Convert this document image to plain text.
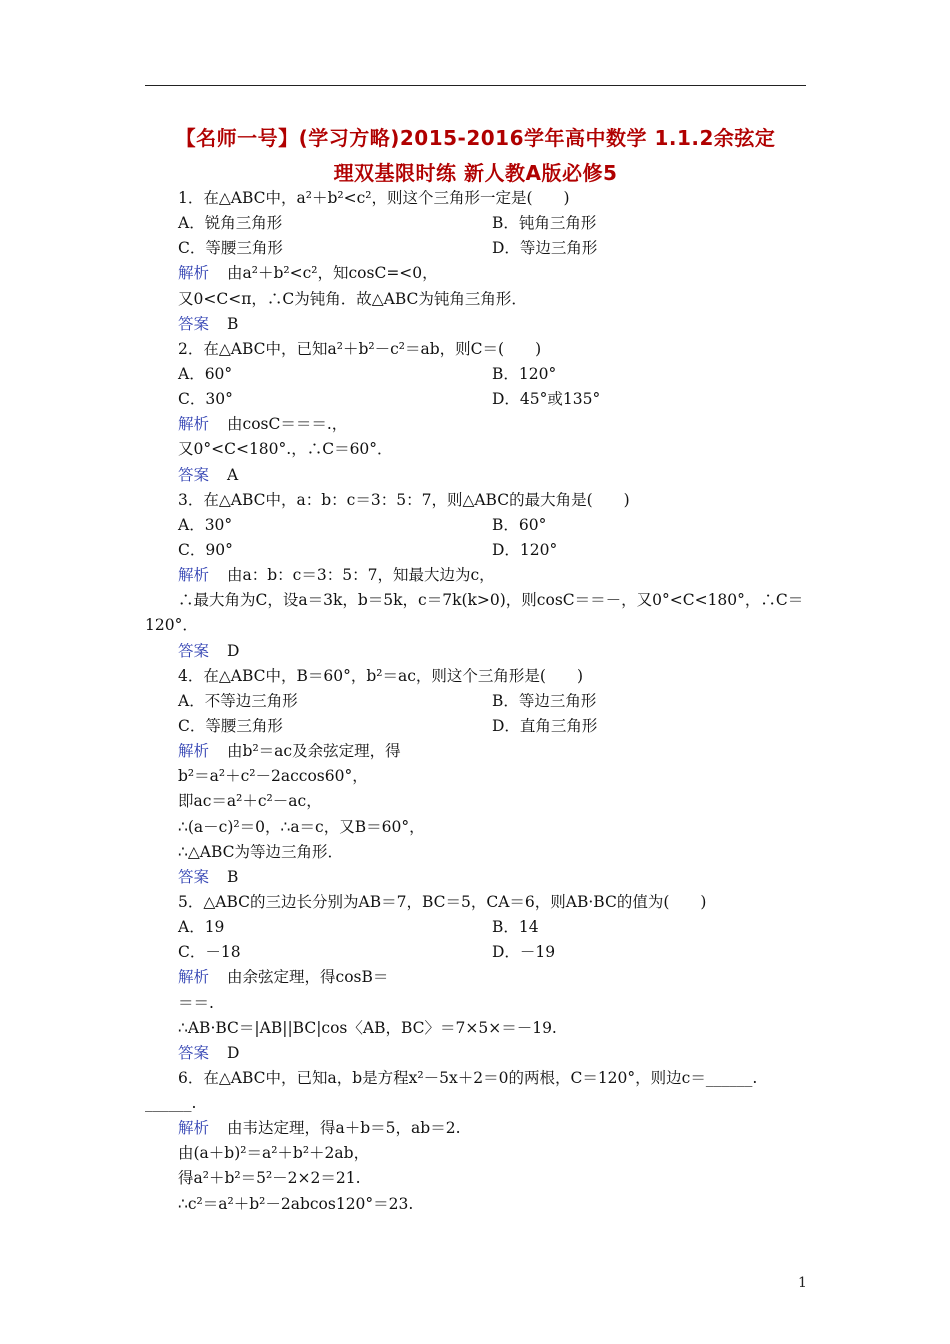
【名师一号】(学习方略)2015-2016学年高中数学 1.1.2余弦定
理双基限时练 新人教A版必修5
1．在△ABC中，a²＋b²<c²，则这个三角形一定是(　　)
A．锐角三角形	B．钝角三角形
C．等腰三角形	D．等边三角形
解析 由a²＋b²<c²，知cosC=<0，
又0<C<π，∴C为钝角．故△ABC为钝角三角形．
答案 B
2．在△ABC中，已知a²＋b²－c²＝ab，则C＝(　　)
A．60°	B．120°
C．30°	D．45°或135°
解析 由cosC＝＝＝.，
又0°<C<180°.，∴C＝60°．
答案 A
3．在△ABC中，a：b：c＝3：5：7，则△ABC的最大角是(　　)
A．30°	B．60°
C．90°	D．120°
解析 由a：b：c＝3：5：7，知最大边为c，
∴最大角为C，设a＝3k，b＝5k，c＝7k(k>0)，则cosC＝＝－，又0°<C<180°，∴C＝
120°．
答案 D
4．在△ABC中，B＝60°，b²＝ac，则这个三角形是(　　)
A．不等边三角形	B．等边三角形
C．等腰三角形	D．直角三角形
解析 由b²＝ac及余弦定理，得
b²＝a²＋c²－2accos60°，
即ac＝a²＋c²－ac，
∴(a－c)²＝0，∴a＝c，又B＝60°，
∴△ABC为等边三角形．
答案 B
5．△ABC的三边长分别为AB＝7，BC＝5，CA＝6，则AB·BC的值为(　　)
A．19	B．14
C．－18	D．－19
解析 由余弦定理，得cosB＝
＝＝.
∴AB·BC＝|AB||BC|cos〈AB，BC〉＝7×5×＝－19.
答案 D
6．在△ABC中，已知a，b是方程x²－5x＋2＝0的两根，C＝120°，则边c＝______.
______.
解析 由韦达定理，得a＋b＝5，ab＝2.
由(a＋b)²＝a²＋b²＋2ab，
得a²＋b²＝5²－2×2＝21.
∴c²＝a²＋b²－2abcos120°＝23.
1
